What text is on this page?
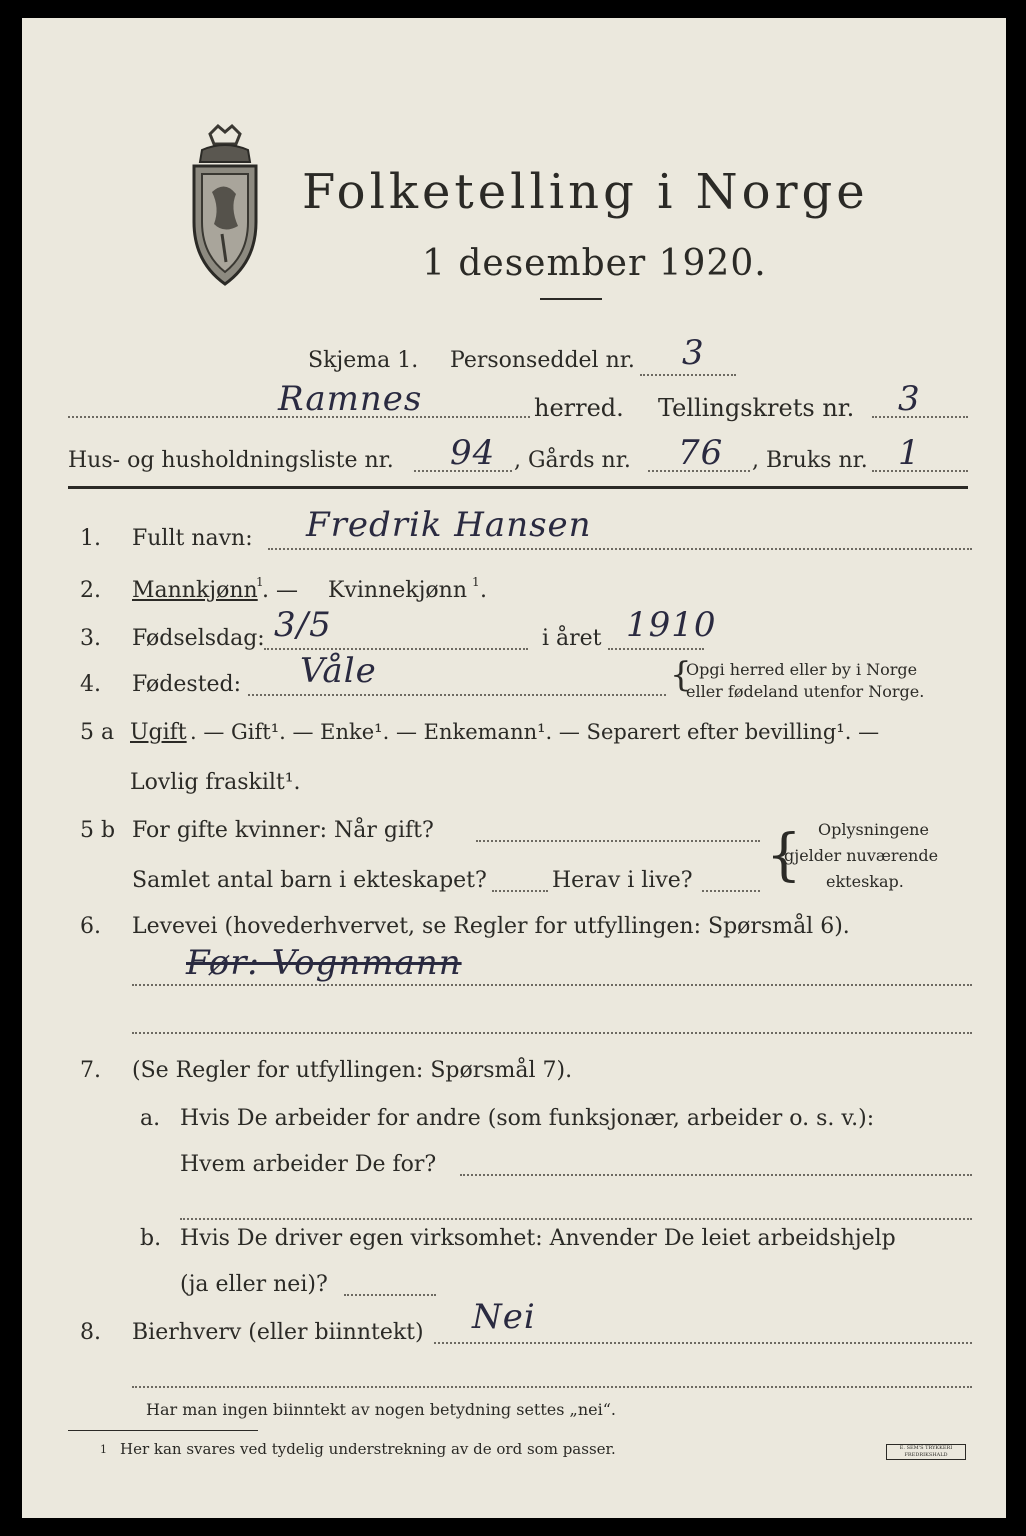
Folketelling i Norge
1 desember 1920.
Skjema 1. Personseddel nr. 3
Ramnes	herred. Tellingskrets nr. 3
Hus- og husholdningsliste nr. 94 , Gårds nr. 76 , Bruks nr. 1
1. Fullt navn: Fredrik Hansen
2. Mannkjønn
1
. — Kvinnekjønn 1 .
3. Fødselsdag: 3/5	i året 1910
4. Fødested: Våle	{
Opgi herred eller by i Norge
eller fødeland utenfor Norge.
5 a Ugift . — Gift¹. — Enke¹. — Enkemann¹. — Separert efter bevilling¹. —
Lovlig fraskilt¹.
5 b For gifte kvinner: Når gift?
Samlet antal barn i ekteskapet?	Herav i live? { Oplysningene
gjelder nuværende
ekteskap.
6. Levevei (hovederhvervet, se Regler for utfyllingen: Spørsmål 6).
Før: Vognmann
7. (Se Regler for utfyllingen: Spørsmål 7).
a. Hvis De arbeider for andre (som funksjonær, arbeider o. s. v.):
Hvem arbeider De for?
b. Hvis De driver egen virksomhet: Anvender De leiet arbeidshjelp
(ja eller nei)?
8. Bierhverv (eller biinntekt) Nei
Har man ingen biinntekt av nogen betydning settes „nei“.
1 Her kan svares ved tydelig understrekning av de ord som passer.	E. SEM'S TRYKKERI FREDRIKSHALD
